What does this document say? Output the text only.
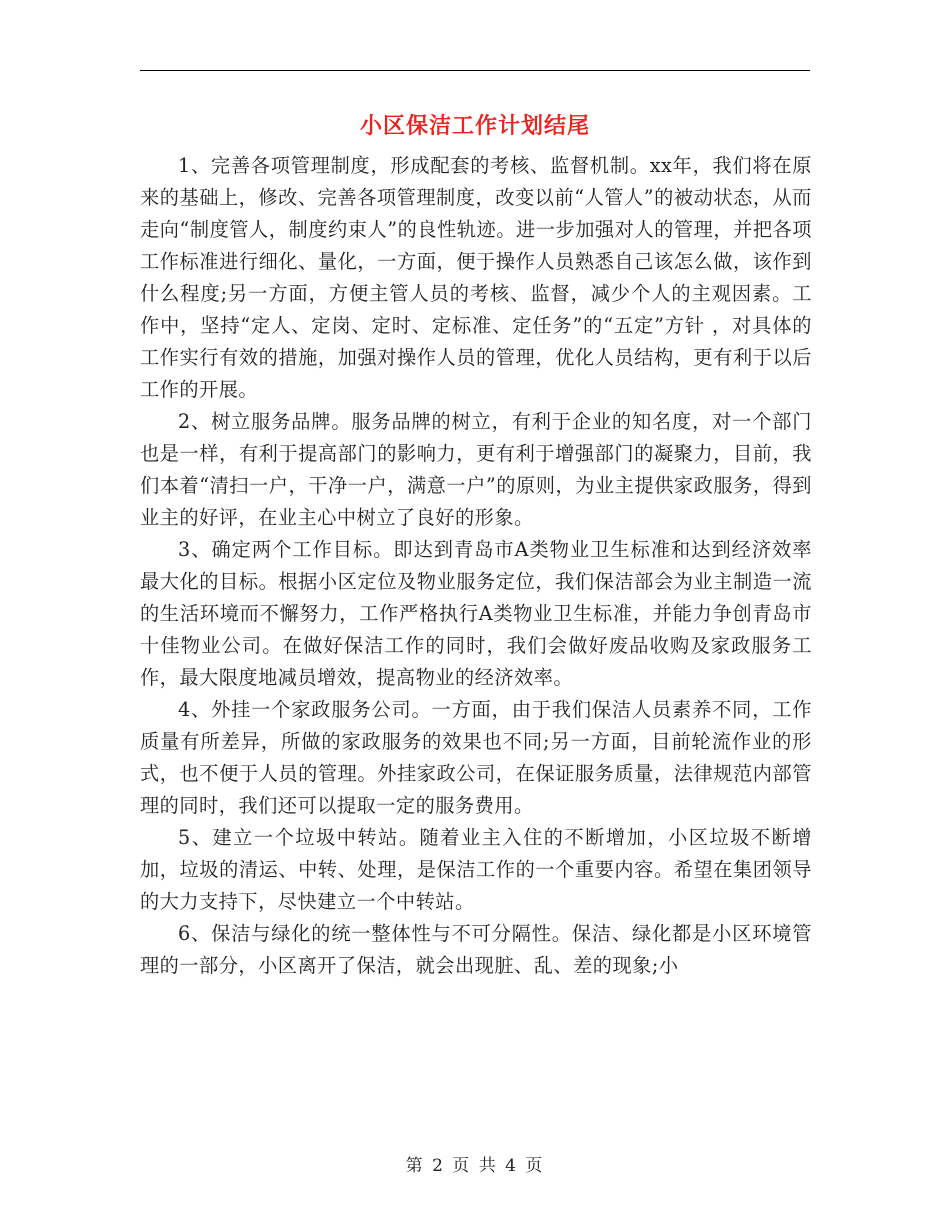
小区保洁工作计划结尾

1、完善各项管理制度，形成配套的考核、监督机制。xx年，我们将在原来的基础上，修改、完善各项管理制度，改变以前“人管人”的被动状态，从而走向“制度管人，制度约束人”的良性轨迹。进一步加强对人的管理，并把各项工作标准进行细化、量化，一方面，便于操作人员熟悉自己该怎么做，该作到什么程度;另一方面，方便主管人员的考核、监督，减少个人的主观因素。工作中，坚持“定人、定岗、定时、定标准、定任务”的“五定”方针 ，对具体的工作实行有效的措施，加强对操作人员的管理，优化人员结构，更有利于以后工作的开展。

2、树立服务品牌。服务品牌的树立，有利于企业的知名度，对一个部门也是一样，有利于提高部门的影响力，更有利于增强部门的凝聚力，目前，我们本着“清扫一户，干净一户，满意一户”的原则，为业主提供家政服务，得到业主的好评，在业主心中树立了良好的形象。

3、确定两个工作目标。即达到青岛市A类物业卫生标准和达到经济效率最大化的目标。根据小区定位及物业服务定位，我们保洁部会为业主制造一流的生活环境而不懈努力，工作严格执行A类物业卫生标准，并能力争创青岛市十佳物业公司。在做好保洁工作的同时，我们会做好废品收购及家政服务工作，最大限度地减员增效，提高物业的经济效率。

4、外挂一个家政服务公司。一方面，由于我们保洁人员素养不同，工作质量有所差异，所做的家政服务的效果也不同;另一方面，目前轮流作业的形式，也不便于人员的管理。外挂家政公司，在保证服务质量，法律规范内部管理的同时，我们还可以提取一定的服务费用。

5、建立一个垃圾中转站。随着业主入住的不断增加，小区垃圾不断增加，垃圾的清运、中转、处理，是保洁工作的一个重要内容。希望在集团领导的大力支持下，尽快建立一个中转站。

6、保洁与绿化的统一整体性与不可分隔性。保洁、绿化都是小区环境管理的一部分，小区离开了保洁，就会出现脏、乱、差的现象;小

第 2 页 共 4 页
